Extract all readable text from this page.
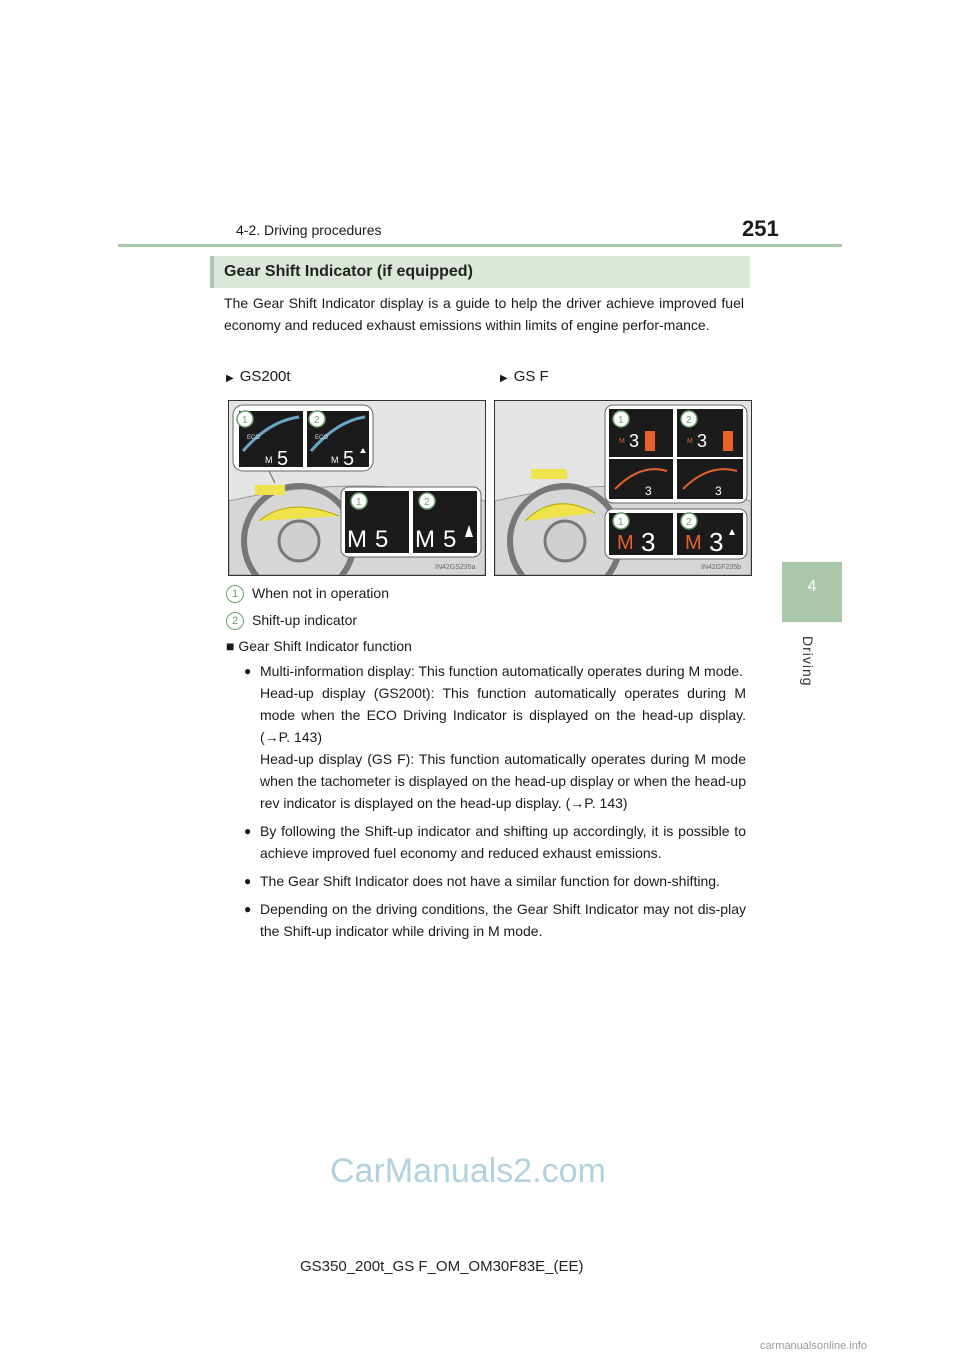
4-2. Driving procedures	251
4
Driving
Gear Shift Indicator (if equipped)
The Gear Shift Indicator display is a guide to help the driver achieve improved fuel economy and reduced exhaust emissions within limits of engine perfor-mance.
▶ GS200t	▶ GS F
ECO	ECO
M 5	M 5
1	2
M 5 M 5
1	2
IN42GS235a
M 3	M 3
3	3
1	2
M 3 M 3
1	2
IN42GF235b
1 When not in operation
2 Shift-up indicator
■ Gear Shift Indicator function
● Multi-information display: This function automatically operates during M mode.
Head-up display (GS200t): This function automatically operates during M mode when the ECO Driving Indicator is displayed on the head-up display. (→P. 143)
Head-up display (GS F): This function automatically operates during M mode when the tachometer is displayed on the head-up display or when the head-up rev indicator is displayed on the head-up display. (→P. 143)
● By following the Shift-up indicator and shifting up accordingly, it is possible to achieve improved fuel economy and reduced exhaust emissions.
● The Gear Shift Indicator does not have a similar function for down-shifting.
● Depending on the driving conditions, the Gear Shift Indicator may not dis-play the Shift-up indicator while driving in M mode.
CarManuals2.com
GS350_200t_GS F_OM_OM30F83E_(EE)
carmanualsonline.info
